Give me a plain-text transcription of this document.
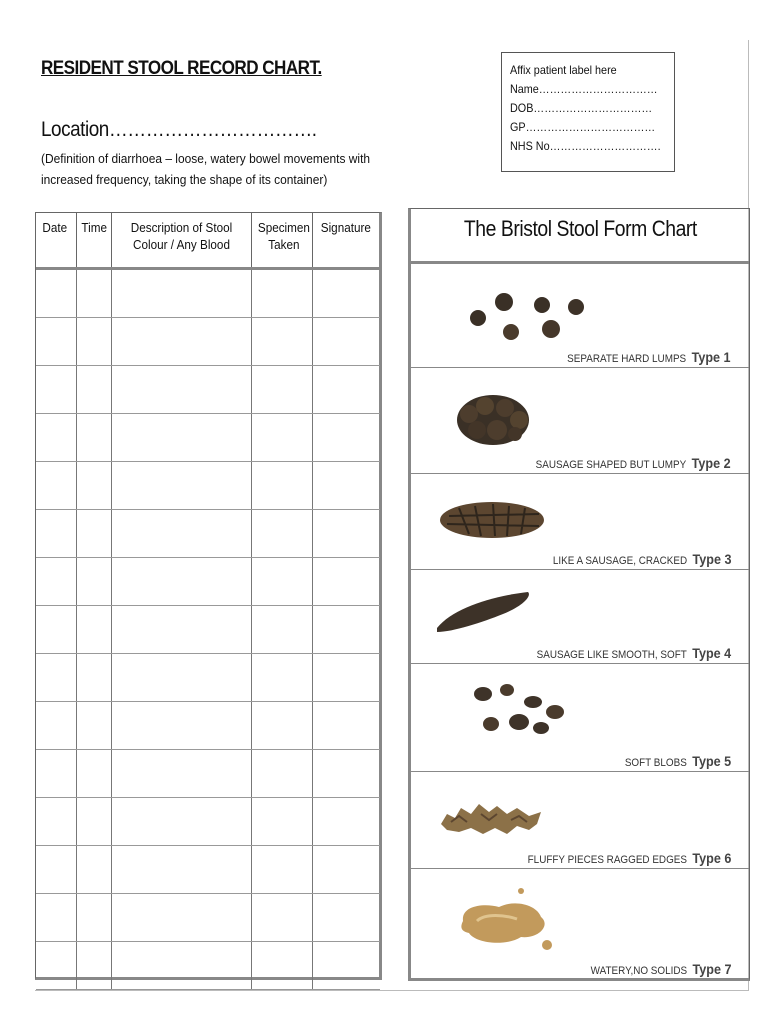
RESIDENT STOOL RECORD CHART.
Location…………………………….
(Definition of diarrhoea – loose, watery bowel movements with increased frequency, taking the shape of its container)
Affix patient label here
Name……………………………
DOB……………………………
GP………………………………
NHS No………………………….
Date	Time	Description of Stool Colour / Any Blood	Specimen Taken	Signature

					The Bristol Stool Form Chart
SEPARATE HARD LUMPS Type 1
SAUSAGE SHAPED BUT LUMPY Type 2
LIKE A SAUSAGE, CRACKED Type 3
SAUSAGE LIKE SMOOTH, SOFT Type 4
SOFT BLOBS Type 5
FLUFFY PIECES RAGGED EDGES Type 6
WATERY,NO SOLIDS Type 7
